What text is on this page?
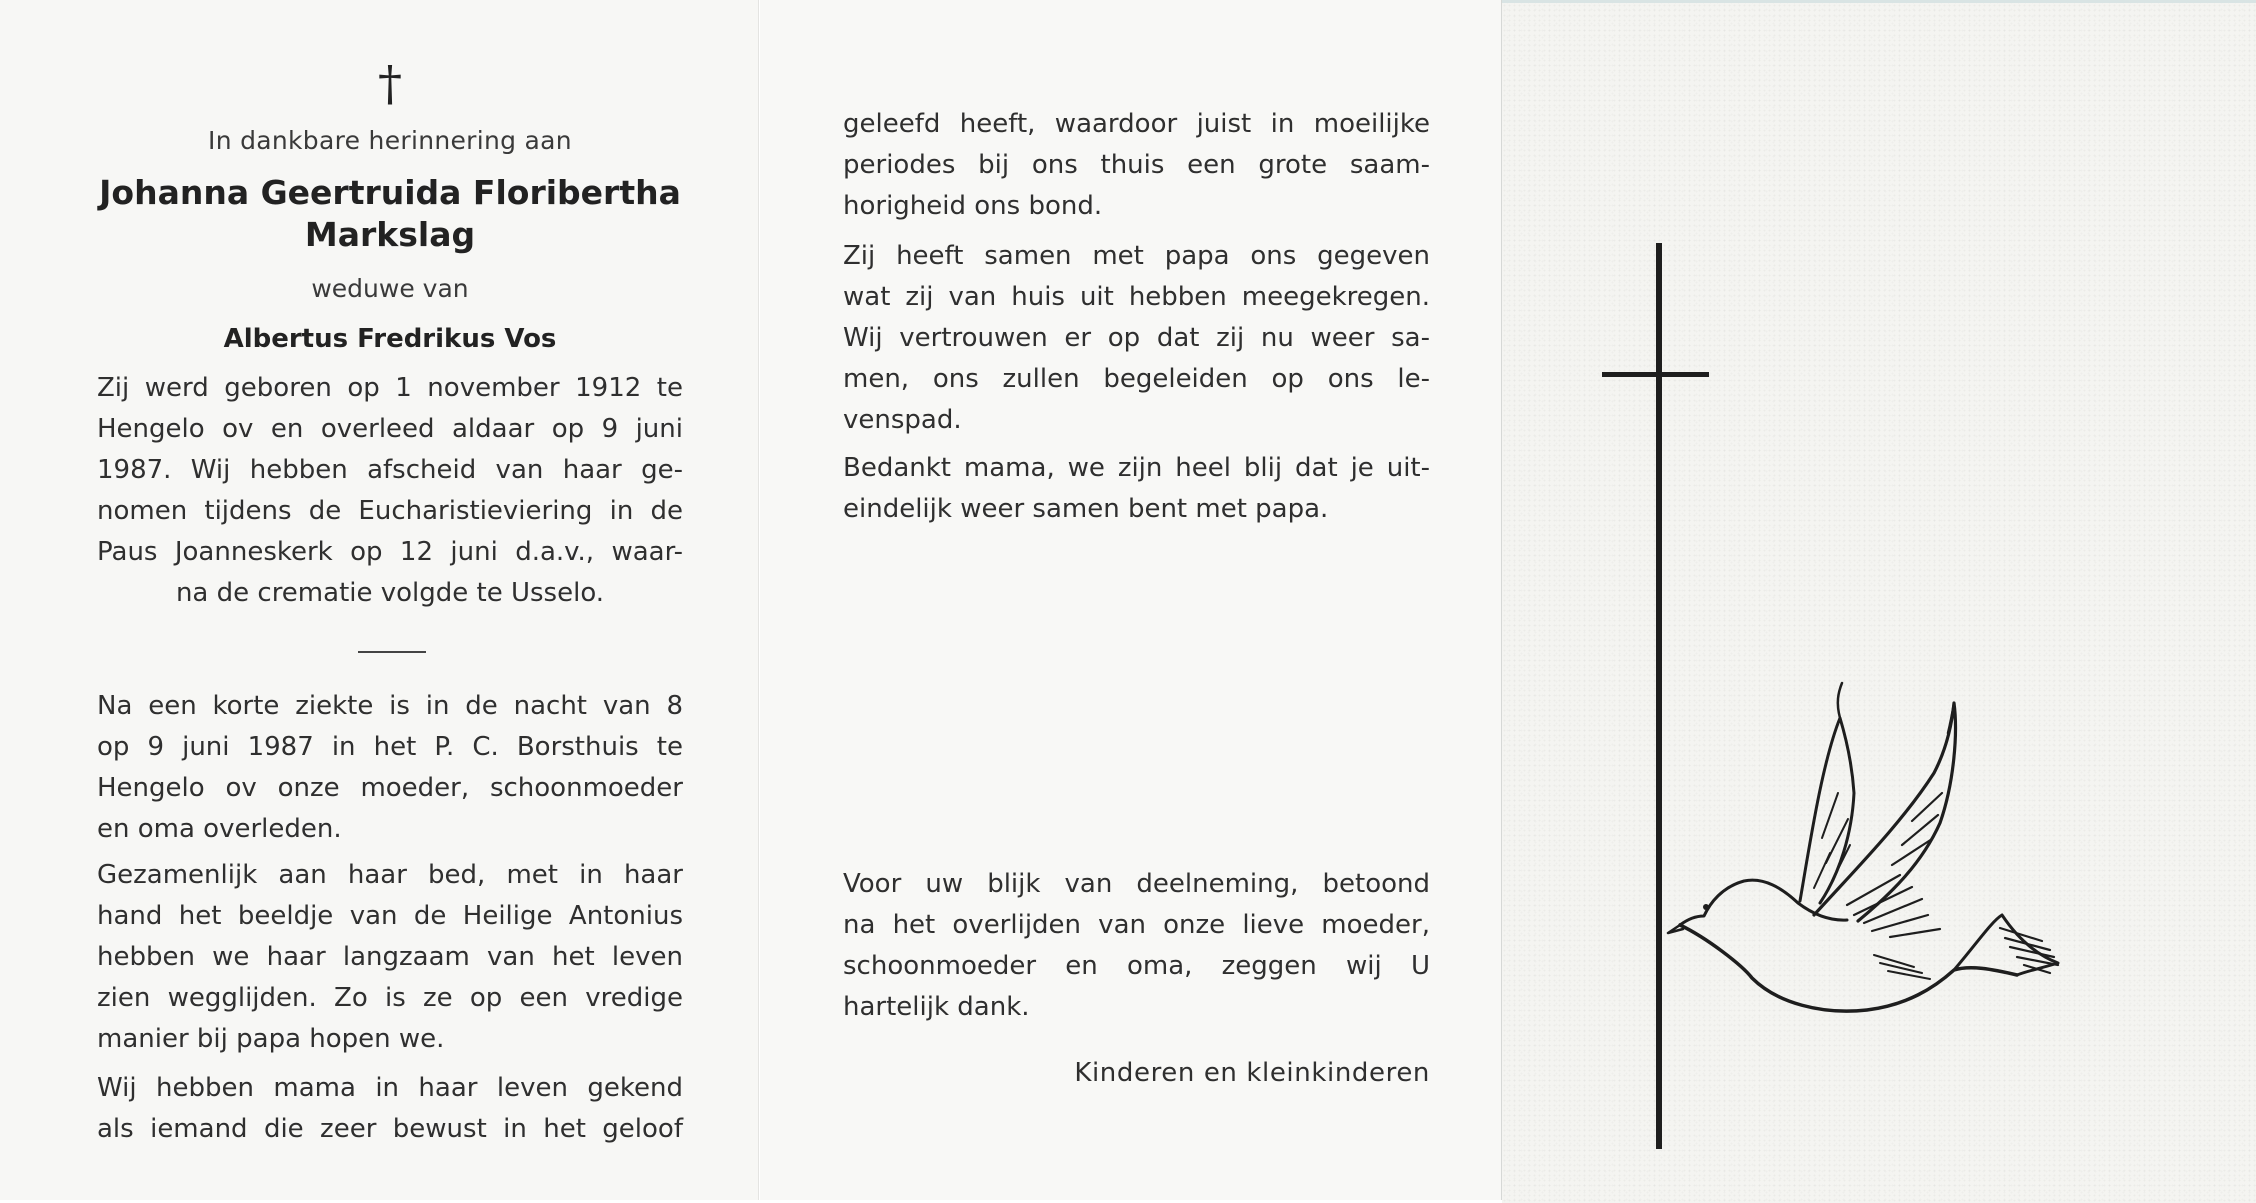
†
In dankbare herinnering aan
Johanna Geertruida Floribertha
Markslag
weduwe van
Albertus Fredrikus Vos
Zij werd geboren op 1 november 1912 te
Hengelo ov en overleed aldaar op 9 juni
1987. Wij hebben afscheid van haar ge-
nomen tijdens de Eucharistieviering in de
Paus Joanneskerk op 12 juni d.a.v., waar-
na de crematie volgde te Usselo.
Na een korte ziekte is in de nacht van 8
op 9 juni 1987 in het P. C. Borsthuis te
Hengelo ov onze moeder, schoonmoeder
en oma overleden.
Gezamenlijk aan haar bed, met in haar
hand het beeldje van de Heilige Antonius
hebben we haar langzaam van het leven
zien wegglijden. Zo is ze op een vredige
manier bij papa hopen we.
Wij hebben mama in haar leven gekend
als iemand die zeer bewust in het geloof
geleefd heeft, waardoor juist in moeilijke
periodes bij ons thuis een grote saam-
horigheid ons bond.
Zij heeft samen met papa ons gegeven
wat zij van huis uit hebben meegekregen.
Wij vertrouwen er op dat zij nu weer sa-
men, ons zullen begeleiden op ons le-
venspad.
Bedankt mama, we zijn heel blij dat je uit-
eindelijk weer samen bent met papa.
Voor uw blijk van deelneming, betoond
na het overlijden van onze lieve moeder,
schoonmoeder en oma, zeggen wij U
hartelijk dank.
Kinderen en kleinkinderen
